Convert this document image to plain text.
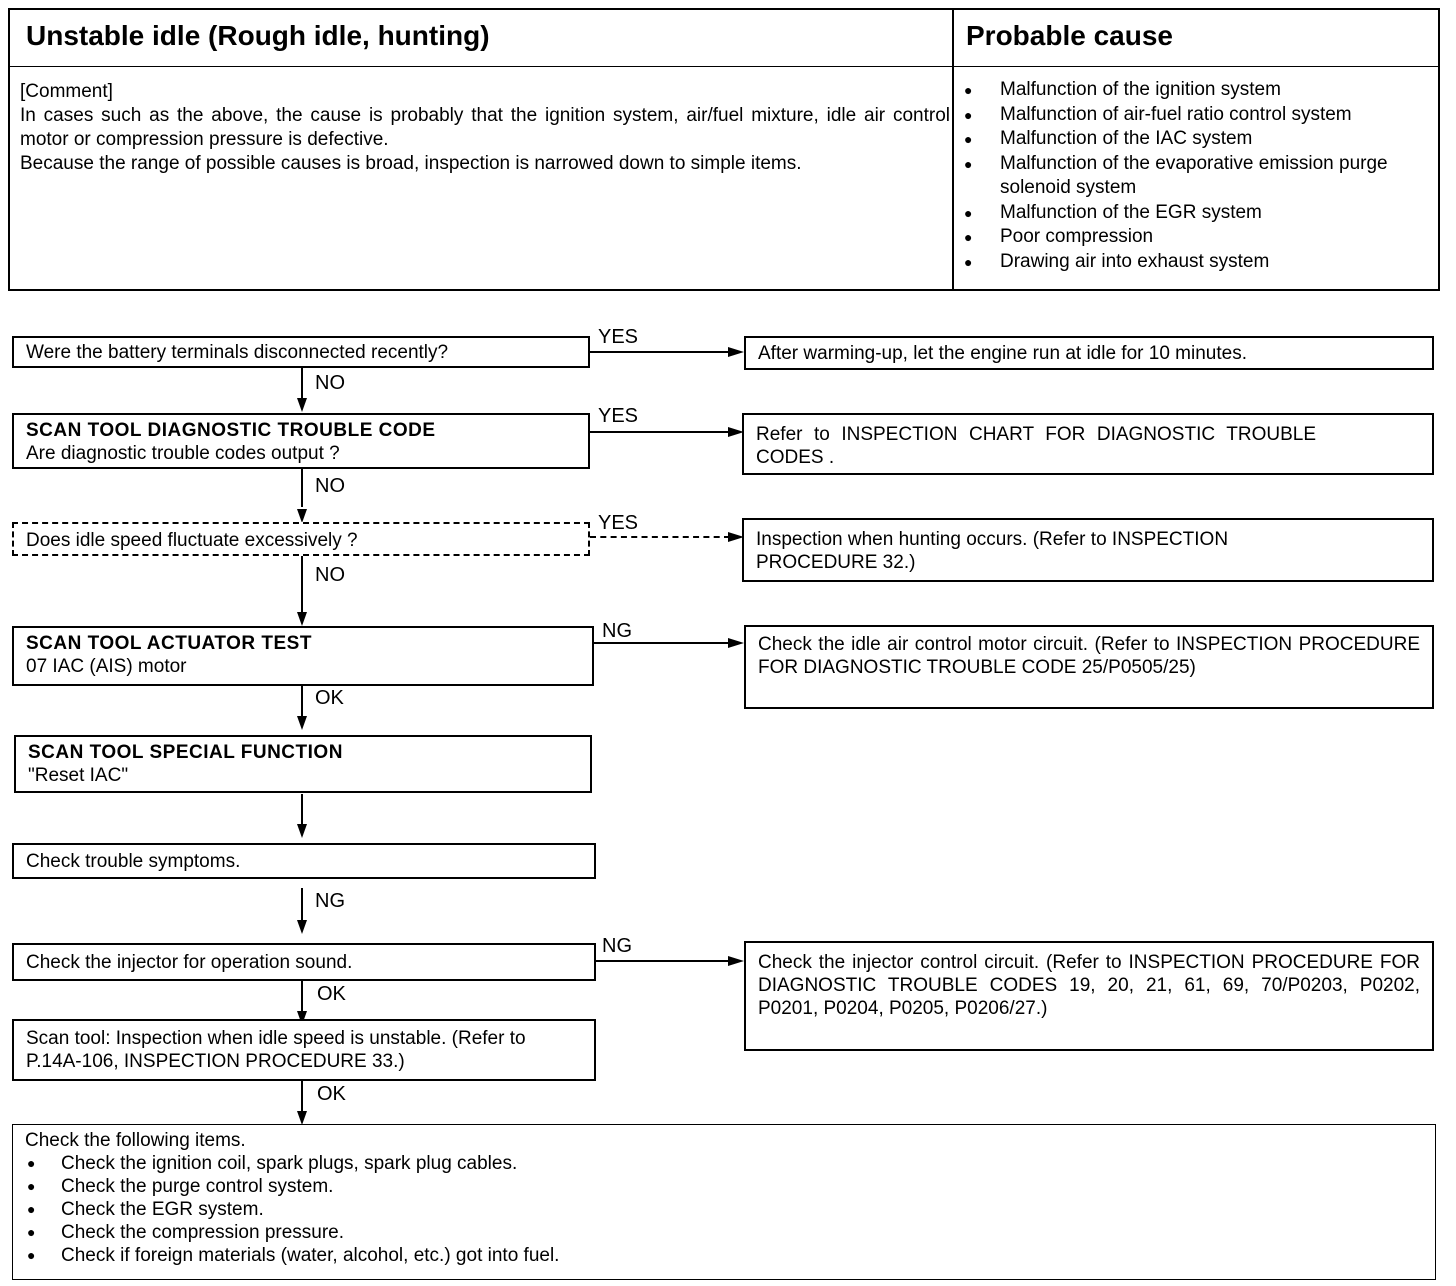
Unstable idle (Rough idle, hunting)	Probable cause
[Comment]
In cases such as the above, the cause is probably that the ignition system, air/fuel mixture, idle air control motor or compression pressure is defective.
Because the range of possible causes is broad, inspection is narrowed down to simple items.
● Malfunction of the ignition system
● Malfunction of air-fuel ratio control system
● Malfunction of the IAC system
● Malfunction of the evaporative emission purge solenoid system
● Malfunction of the EGR system
● Poor compression
● Drawing air into exhaust system
Were the battery terminals disconnected recently?
YES
After warming-up, let the engine run at idle for 10 minutes.
NO
SCAN TOOL DIAGNOSTIC TROUBLE CODE
Are diagnostic trouble codes output ?
YES
Refer to INSPECTION CHART FOR DIAGNOSTIC TROUBLE CODES .
NO
Does idle speed fluctuate excessively ?
YES
Inspection when hunting occurs. (Refer to INSPECTION PROCEDURE 32.)
NO
SCAN TOOL ACTUATOR TEST
07 IAC (AIS) motor
NG
Check the idle air control motor circuit. (Refer to INSPECTION PROCEDURE FOR DIAGNOSTIC TROUBLE CODE 25/P0505/25)
OK
SCAN TOOL SPECIAL FUNCTION
"Reset IAC"
Check trouble symptoms.
NG
Check the injector for operation sound.
NG
Check the injector control circuit. (Refer to INSPECTION PROCEDURE FOR DIAGNOSTIC TROUBLE CODES 19, 20, 21, 61, 69, 70/P0203, P0202, P0201, P0204, P0205, P0206/27.)
OK
Scan tool: Inspection when idle speed is unstable. (Refer to P.14A-106, INSPECTION PROCEDURE 33.)
OK
Check the following items.
● Check the ignition coil, spark plugs, spark plug cables.
● Check the purge control system.
● Check the EGR system.
● Check the compression pressure.
● Check if foreign materials (water, alcohol, etc.) got into fuel.
